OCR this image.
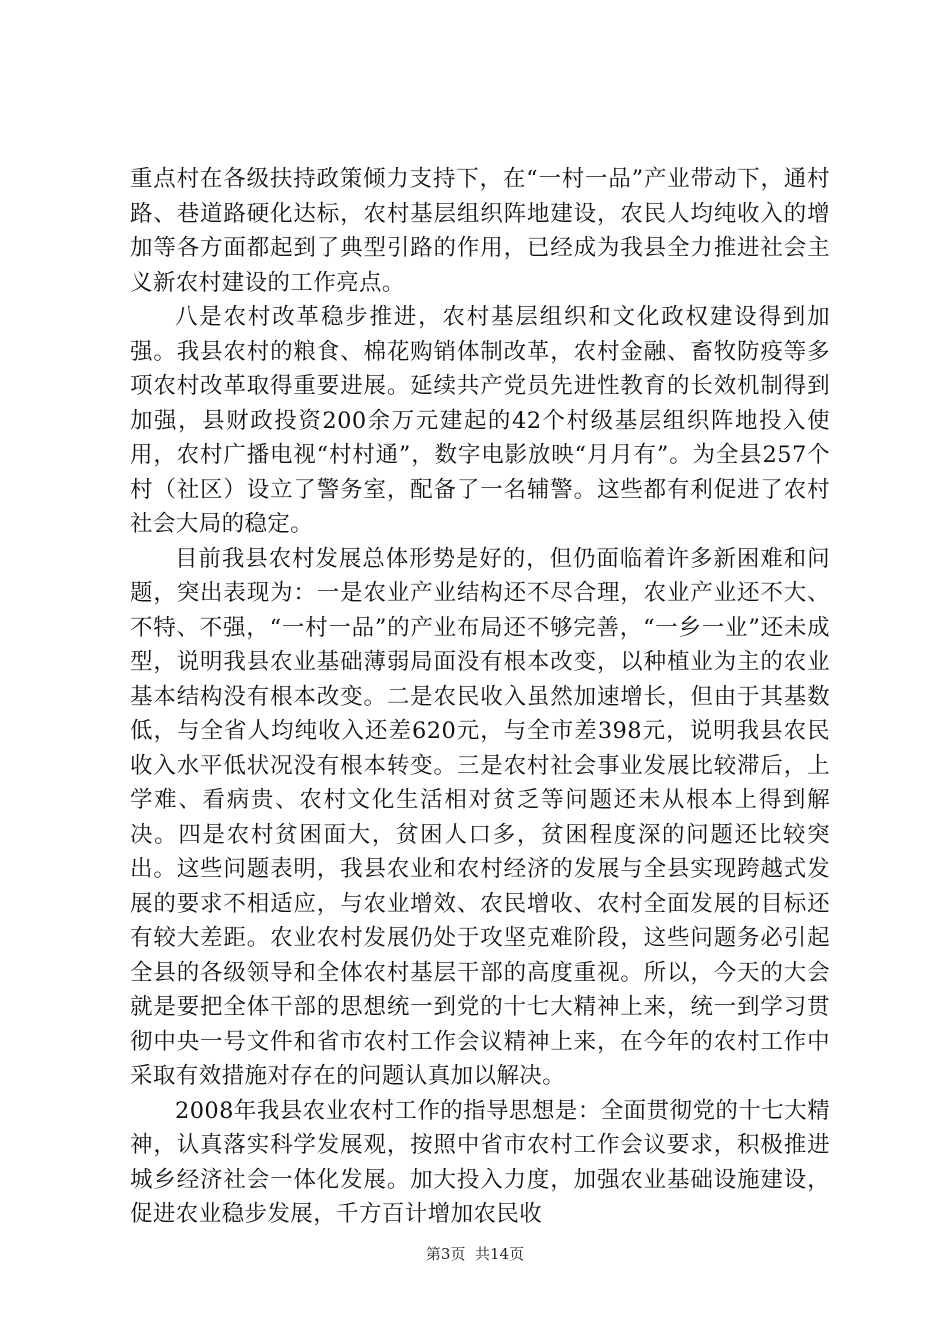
重点村在各级扶持政策倾力支持下，在“一村一品”产业带动下，通村路、巷道路硬化达标，农村基层组织阵地建设，农民人均纯收入的增加等各方面都起到了典型引路的作用，已经成为我县全力推进社会主义新农村建设的工作亮点。

八是农村改革稳步推进，农村基层组织和文化政权建设得到加强。我县农村的粮食、棉花购销体制改革，农村金融、畜牧防疫等多项农村改革取得重要进展。延续共产党员先进性教育的长效机制得到加强，县财政投资200余万元建起的42个村级基层组织阵地投入使用，农村广播电视“村村通”，数字电影放映“月月有”。为全县257个村（社区）设立了警务室，配备了一名辅警。这些都有利促进了农村社会大局的稳定。

目前我县农村发展总体形势是好的，但仍面临着许多新困难和问题，突出表现为：一是农业产业结构还不尽合理，农业产业还不大、不特、不强，“一村一品”的产业布局还不够完善，“一乡一业”还未成型，说明我县农业基础薄弱局面没有根本改变，以种植业为主的农业基本结构没有根本改变。二是农民收入虽然加速增长，但由于其基数低，与全省人均纯收入还差620元，与全市差398元，说明我县农民收入水平低状况没有根本转变。三是农村社会事业发展比较滞后，上学难、看病贵、农村文化生活相对贫乏等问题还未从根本上得到解决。四是农村贫困面大，贫困人口多，贫困程度深的问题还比较突出。这些问题表明，我县农业和农村经济的发展与全县实现跨越式发展的要求不相适应，与农业增效、农民增收、农村全面发展的目标还有较大差距。农业农村发展仍处于攻坚克难阶段，这些问题务必引起全县的各级领导和全体农村基层干部的高度重视。所以，今天的大会就是要把全体干部的思想统一到党的十七大精神上来，统一到学习贯彻中央一号文件和省市农村工作会议精神上来，在今年的农村工作中采取有效措施对存在的问题认真加以解决。

2008年我县农业农村工作的指导思想是：全面贯彻党的十七大精神，认真落实科学发展观，按照中省市农村工作会议要求，积极推进城乡经济社会一体化发展。加大投入力度，加强农业基础设施建设，促进农业稳步发展，千方百计增加农民收

第3页  共14页
